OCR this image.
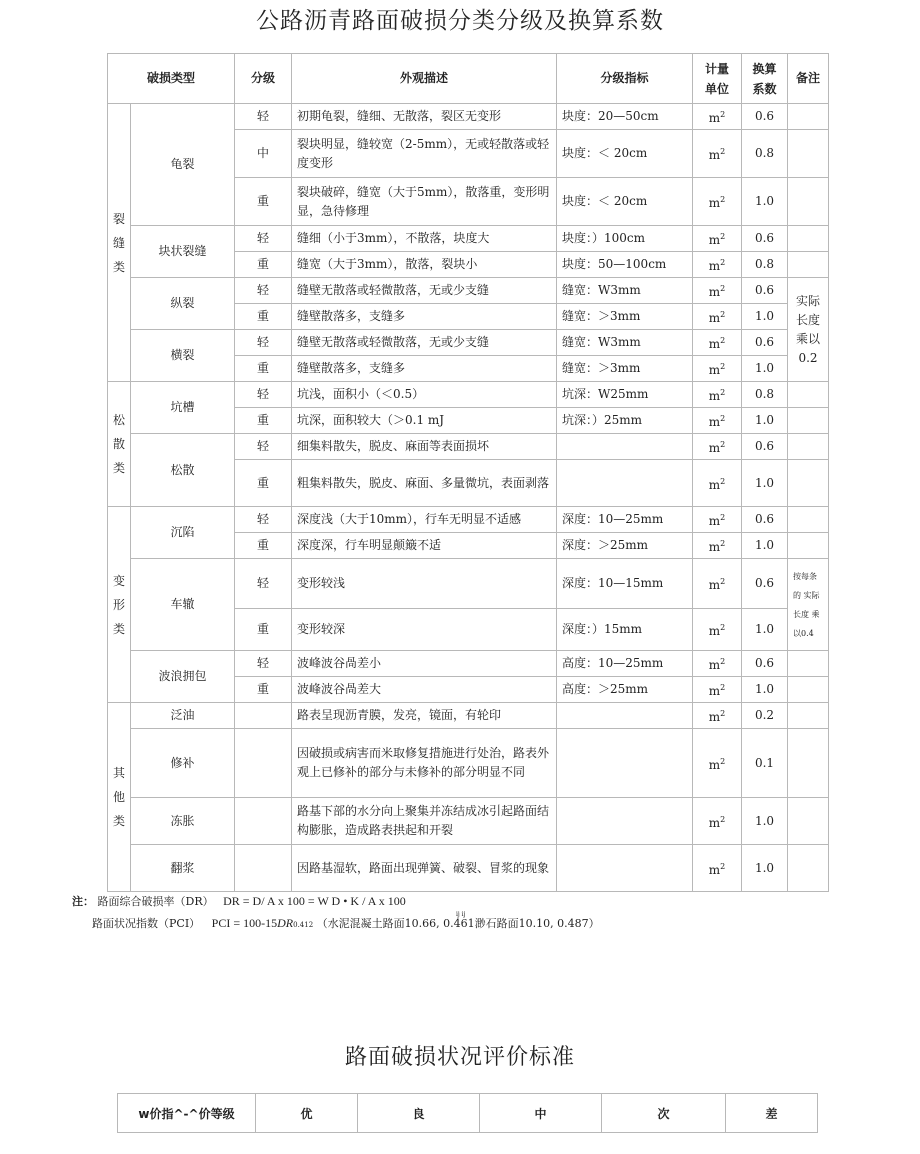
公路沥青路面破损分类分级及换算系数
破损类型		分级	外观描述	分级指标	计量 单位	换算 系数	备注

裂缝类	龟裂	轻	初期龟裂，缝细、无散落，裂区无变形	块度：20—50cm	$m^2$	0.6	
		中	裂块明显，缝较宽（2-5mm），无或轻散落或轻度变形	块度：＜ 20cm	$m^2$	0.8	
		重	裂块破碎，缝宽（大于5mm），散落重，变形明 显，急待修理	块度：＜ 20cm	$m^2$	1.0	
	块状裂缝	轻	缝细（小于3mm），不散落，块度大	块度：）100cm	$m^2$	0.6	
		重	缝宽（大于3mm），散落，裂块小	块度：50—100cm	$m^2$	0.8	
	纵裂	轻	缝壁无散落或轻微散落，无或少支缝	缝宽：W3mm	$m^2$	0.6	实际长度乘以0.2
		重	缝壁散落多，支缝多	缝宽：＞3mm	$m^2$	1.0	
	横裂	轻	缝壁无散落或轻微散落，无或少支缝	缝宽：W3mm	$m^2$	0.6	
		重	缝壁散落多，支缝多	缝宽：＞3mm	$m^2$	1.0	

松散类	坑槽	轻	坑浅，面积小（＜0.5）	坑深：W25mm	$m^2$	0.8	
		重	坑深，面积较大（＞0.1 mJ	坑深：）25mm	$m^2$	1.0	
	松散	轻	细集料散失，脱皮、麻面等表面损坏		$m^2$	0.6	
		重	粗集料散失，脱皮、麻面、多量微坑，表面剥落		$m^2$	1.0	

变形类	沉陷	轻	深度浅（大于10mm），行车无明显不适感	深度：10—25mm	$m^2$	0.6	
		重	深度深，行车明显颠簸不适	深度：＞25mm	$m^2$	1.0	
	车辙	轻	变形较浅	深度：10—15mm	$m^2$	0.6	按每条 的 实际 长度 乘 以0.4
		重	变形较深	深度：）15mm	$m^2$	1.0	
	波浪拥包	轻	波峰波谷咼差小	高度：10—25mm	$m^2$	0.6	
		重	波峰波谷咼差大	高度：＞25mm	$m^2$	1.0	

其他类	泛油		路表呈现沥青膜，发亮，镜面，有轮印		$m^2$	0.2	
	修补		因破损或病害而米取修复措施进行处治，路表外观上已修补的部分与未修补的部分明显不同		$m^2$	0.1	
	冻胀		路基下部的水分向上聚集并冻结成冰引起路面结构膨胀，造成路表拱起和开裂		$m^2$	1.0	
	翻浆		因路基湿软，路面出现弹簧、破裂、冒浆的现象		$m^2$	1.0	
注： 路面综合破损率（DR） DR = D/ A x 100 = W D • K / A x 100
ij ij
路面状况指数（PCI） PCI = 100-15DR0.412 （水泥混凝土路面10.66, 0.461渺石路面10.10, 0.487）
路面破损状况评价标准
w价指^-^价等级	优	良	中	次	差
